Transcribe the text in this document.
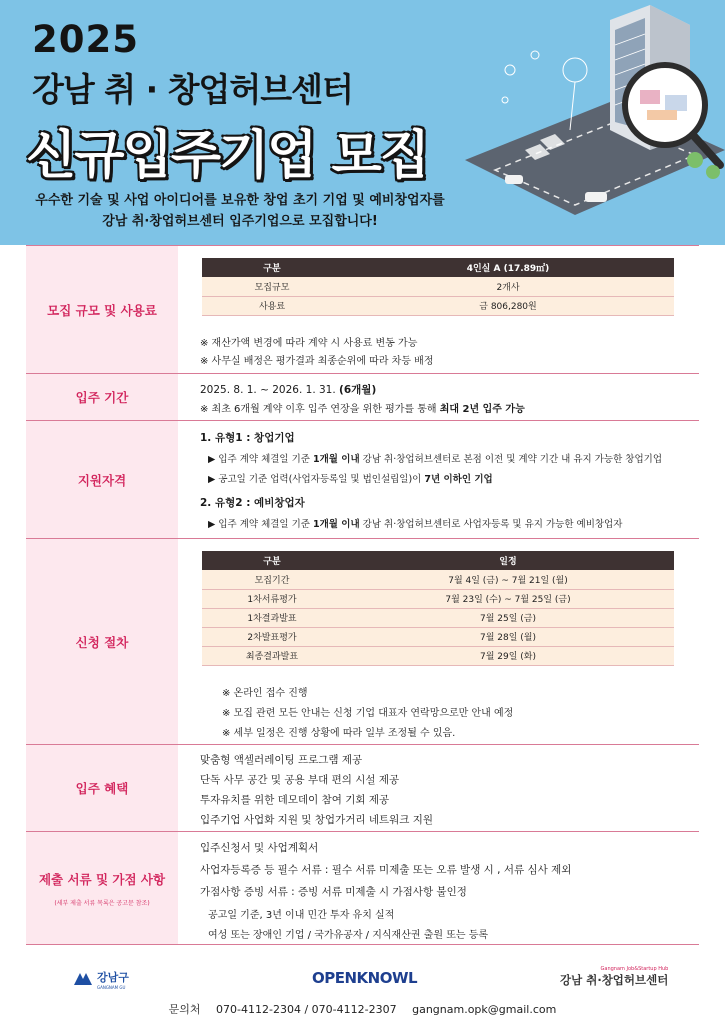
2025
강남 취 · 창업허브센터
신규입주기업 모집
우수한 기술 및 사업 아이디어를 보유한 창업 초기 기업 및 예비창업자를
강남 취·창업허브센터 입주기업으로 모집합니다!
모집 규모 및 사용료
구분	4인실 A (17.89㎡)
모집규모	2개사
사용료	금 806,280원
※ 재산가액 변경에 따라 계약 시 사용료 변동 가능
※ 사무실 배정은 평가결과 최종순위에 따라 차등 배정
입주 기간	2025. 8. 1. ~ 2026. 1. 31. (6개월)
※ 최초 6개월 계약 이후 입주 연장을 위한 평가를 통해 최대 2년 입주 가능
지원자격
1. 유형1 : 창업기업
▶ 입주 계약 체결일 기준 1개월 이내 강남 취·창업허브센터로 본점 이전 및 계약 기간 내 유지 가능한 창업기업
▶ 공고일 기준 업력(사업자등록일 및 법인설립일)이 7년 이하인 기업
2. 유형2 : 예비창업자
▶ 입주 계약 체결일 기준 1개월 이내 강남 취·창업허브센터로 사업자등록 및 유지 가능한 예비창업자
신청 절차
구분	일정
모집기간	7월 4일 (금) ~ 7월 21일 (월)
1차서류평가	7월 23일 (수) ~ 7월 25일 (금)
1차결과발표	7월 25일 (금)
2차발표평가	7월 28일 (월)
최종결과발표	7월 29일 (화)
※ 온라인 접수 진행
※ 모집 관련 모든 안내는 신청 기업 대표자 연락망으로만 안내 예정
※ 세부 일정은 진행 상황에 따라 일부 조정될 수 있음.
입주 혜택
맞춤형 액셀러레이팅 프로그램 제공
단독 사무 공간 및 공용 부대 편의 시설 제공
투자유치를 위한 데모데이 참여 기회 제공
입주기업 사업화 지원 및 창업가거리 네트워크 지원
제출 서류 및 가점 사항
(세부 제출 서류 목록은 공고문 참조)
입주신청서 및 사업계획서
사업자등록증 등 필수 서류 : 필수 서류 미제출 또는 오류 발생 시 , 서류 심사 제외
가점사항 증빙 서류 : 증빙 서류 미제출 시 가점사항 불인정
공고일 기준, 3년 이내 민간 투자 유치 실적
여성 또는 장애인 기업 / 국가유공자 / 지식재산권 출원 또는 등록
강남구
GANGNAM GU
OPENKNOWL	Gangnam Job&Startup Hub
강남 취·창업허브센터
문의처 070-4112-2304 / 070-4112-2307 gangnam.opk@gmail.com
